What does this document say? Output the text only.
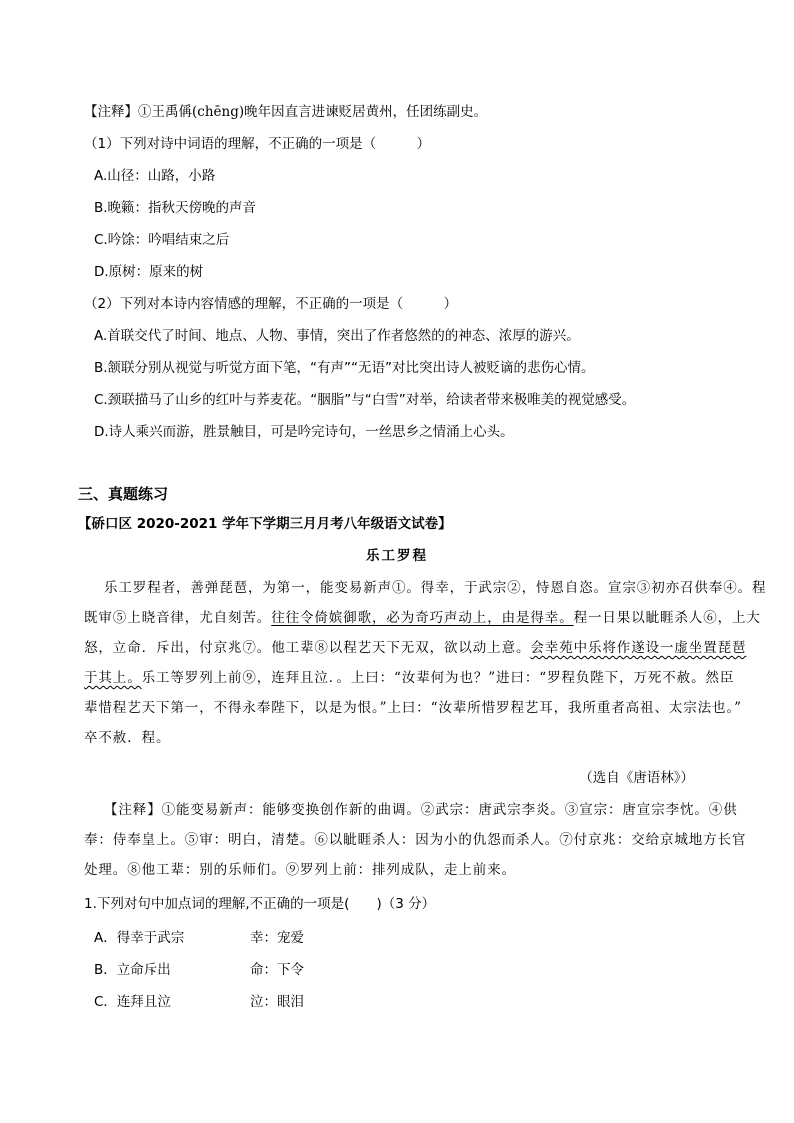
【注释】①王禹偁(chēng)晚年因直言进谏贬居黄州，任团练副史。
（1）下列对诗中词语的理解，不正确的一项是（　　　）
A.山径：山路，小路
B.晚籁：指秋天傍晚的声音
C.吟馀：吟唱结束之后
D.原树：原来的树
（2）下列对本诗内容情感的理解，不正确的一项是（　　　）
A.首联交代了时间、地点、人物、事情，突出了作者悠然的的神态、浓厚的游兴。
B.颔联分别从视觉与听觉方面下笔，“有声”“无语”对比突出诗人被贬谪的悲伤心情。
C.颈联描马了山乡的红叶与荞麦花。“胭脂”与“白雪”对举，给读者带来极唯美的视觉感受。
D.诗人乘兴而游，胜景触目，可是吟完诗句，一丝思乡之情涌上心头。
三、真题练习
【硚口区 2020-2021 学年下学期三月月考八年级语文试卷】
乐工罗程
乐工罗程者，善弹琵琶，为第一，能变易新声①。得幸，于武宗②，恃恩自恣。宣宗③初亦召供奉④。程
既审⑤上晓音律，尤自刻苦。往往令倚嫔御歌，必为奇巧声动上，由是得幸。程一日果以眦睚杀人⑥，上大
怒，立命．斥出，付京兆⑦。他工辈⑧以程艺天下无双，欲以动上意。会幸苑中乐将作遂设一虚坐置琵琶
于其上。乐工等罗列上前⑨，连拜且泣．。上曰：“汝辈何为也？”进曰：“罗程负陛下，万死不赦。然臣
辈惜程艺天下第一，不得永奉陛下，以是为恨。”上曰：“汝辈所惜罗程艺耳，我所重者高祖、太宗法也。”
卒不赦．程。
（选自《唐语林》）
【注释】①能变易新声：能够变换创作新的曲调。②武宗：唐武宗李炎。③宣宗：唐宣宗李忱。④供
奉：侍奉皇上。⑤审：明白，清楚。⑥以眦睚杀人：因为小的仇怨而杀人。⑦付京兆：交给京城地方长官
处理。⑧他工辈：别的乐师们。⑨罗列上前：排列成队，走上前来。
1.下列对句中加点词的理解,不正确的一项是(　　)（3 分）
A．得幸于武宗	幸：宠爱
B．立命斥出	命：下令
C．连拜且泣	泣：眼泪
